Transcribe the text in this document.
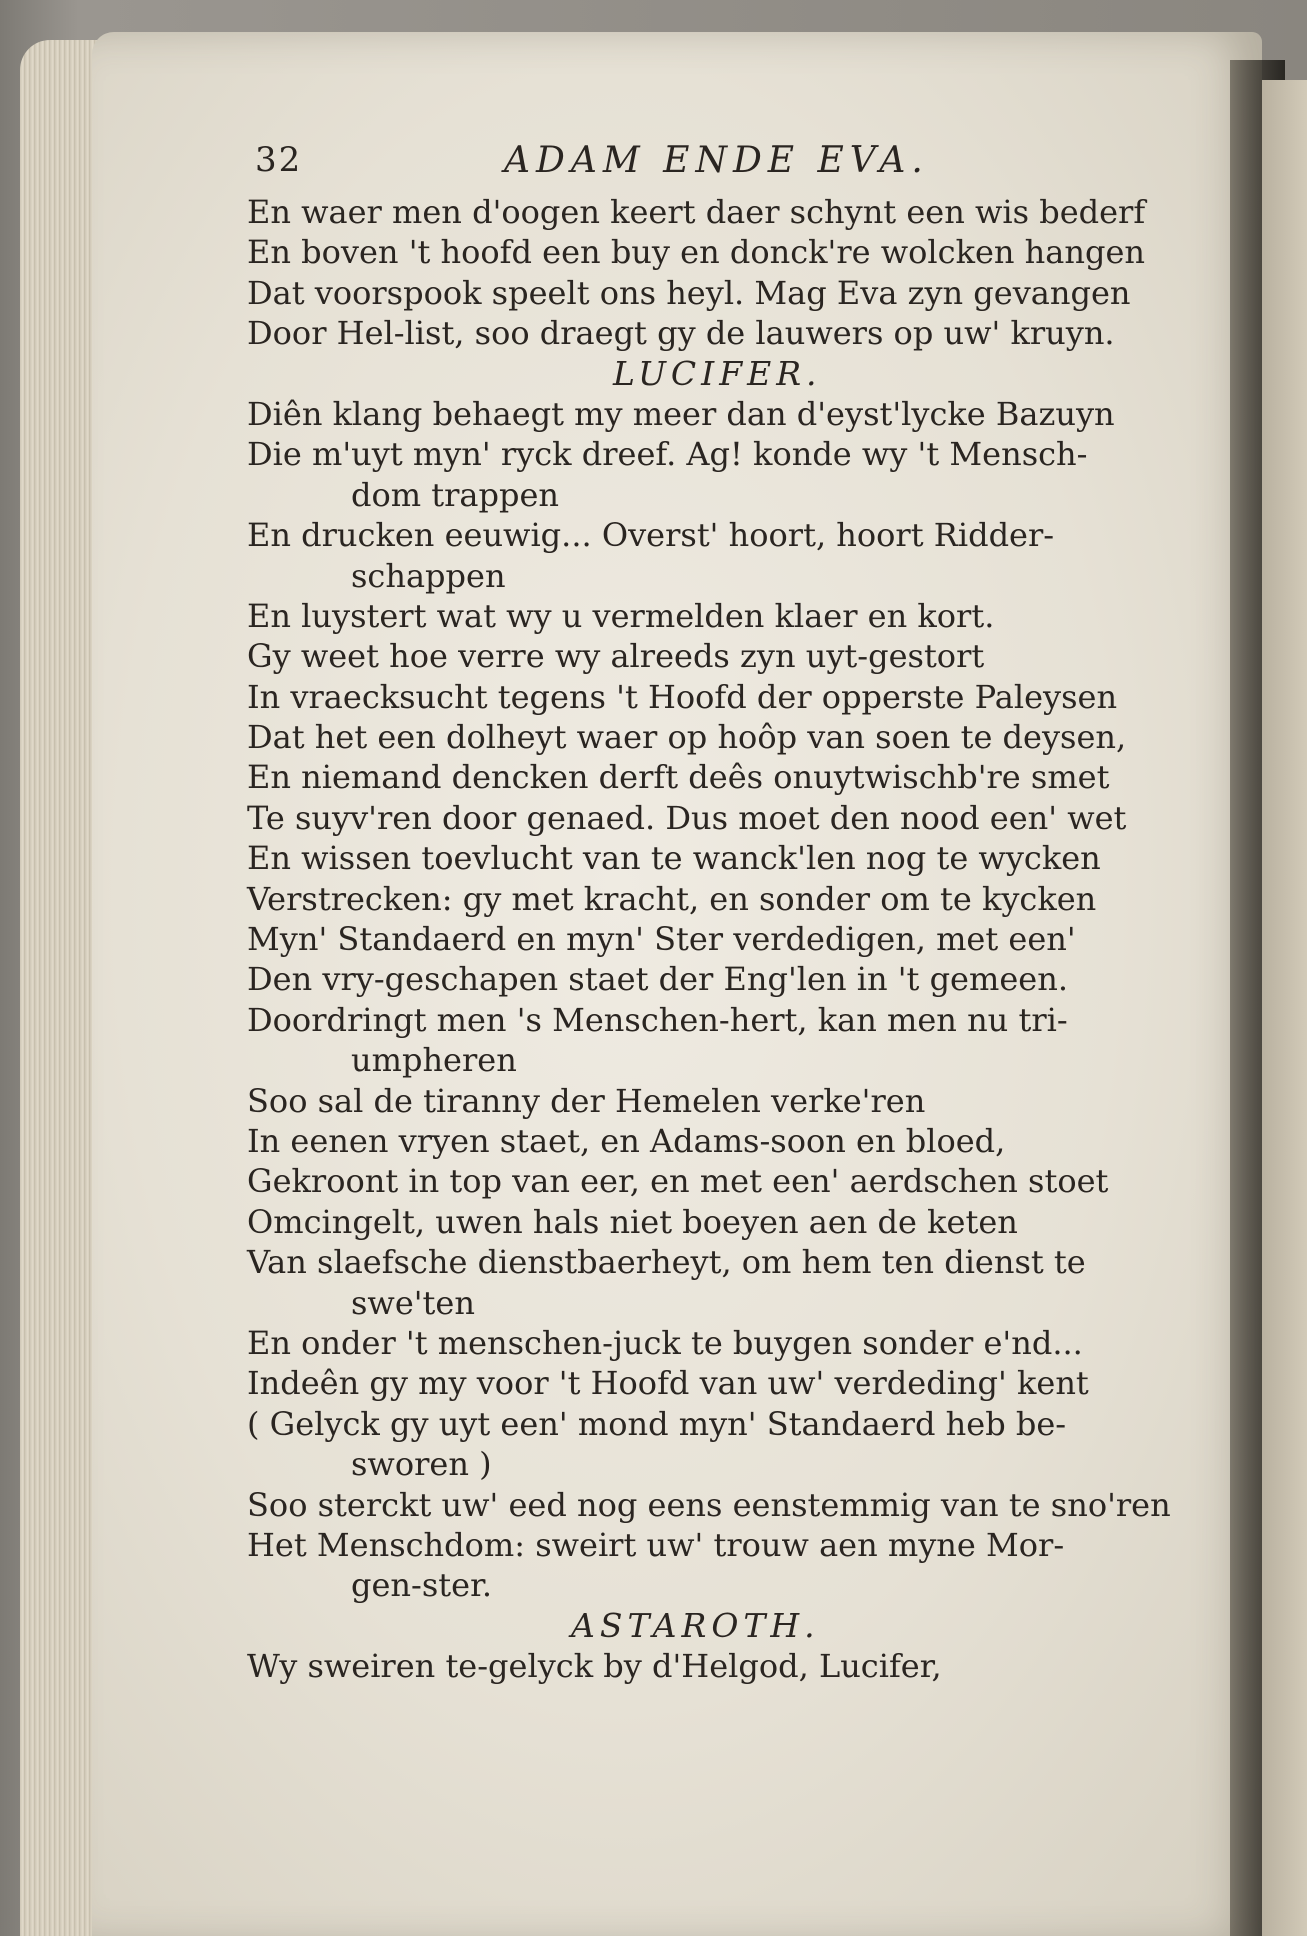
32	ADAM ENDE EVA.
En waer men d'oogen keert daer schynt een wis bederf
En boven 't hoofd een buy en donck're wolcken hangen
Dat voorspook speelt ons heyl. Mag Eva zyn gevangen
Door Hel-list, soo draegt gy de lauwers op uw' kruyn.
LUCIFER.
Diên klang behaegt my meer dan d'eyst'lycke Bazuyn
Die m'uyt myn' ryck dreef. Ag! konde wy 't Mensch-
dom trappen
En drucken eeuwig... Overst' hoort, hoort Ridder-
schappen
En luystert wat wy u vermelden klaer en kort.
Gy weet hoe verre wy alreeds zyn uyt-gestort
In vraecksucht tegens 't Hoofd der opperste Paleysen
Dat het een dolheyt waer op hoôp van soen te deysen,
En niemand dencken derft deês onuytwischb're smet
Te suyv'ren door genaed. Dus moet den nood een' wet
En wissen toevlucht van te wanck'len nog te wycken
Verstrecken: gy met kracht, en sonder om te kycken
Myn' Standaerd en myn' Ster verdedigen, met een'
Den vry-geschapen staet der Eng'len in 't gemeen.
Doordringt men 's Menschen-hert, kan men nu tri-
umpheren
Soo sal de tiranny der Hemelen verke'ren
In eenen vryen staet, en Adams-soon en bloed,
Gekroont in top van eer, en met een' aerdschen stoet
Omcingelt, uwen hals niet boeyen aen de keten
Van slaefsche dienstbaerheyt, om hem ten dienst te
swe'ten
En onder 't menschen-juck te buygen sonder e'nd...
Indeên gy my voor 't Hoofd van uw' verdeding' kent
( Gelyck gy uyt een' mond myn' Standaerd heb be-
sworen )
Soo sterckt uw' eed nog eens eenstemmig van te sno'ren
Het Menschdom: sweirt uw' trouw aen myne Mor-
gen-ster.
ASTAROTH.
Wy sweiren te-gelyck by d'Helgod, Lucifer,
